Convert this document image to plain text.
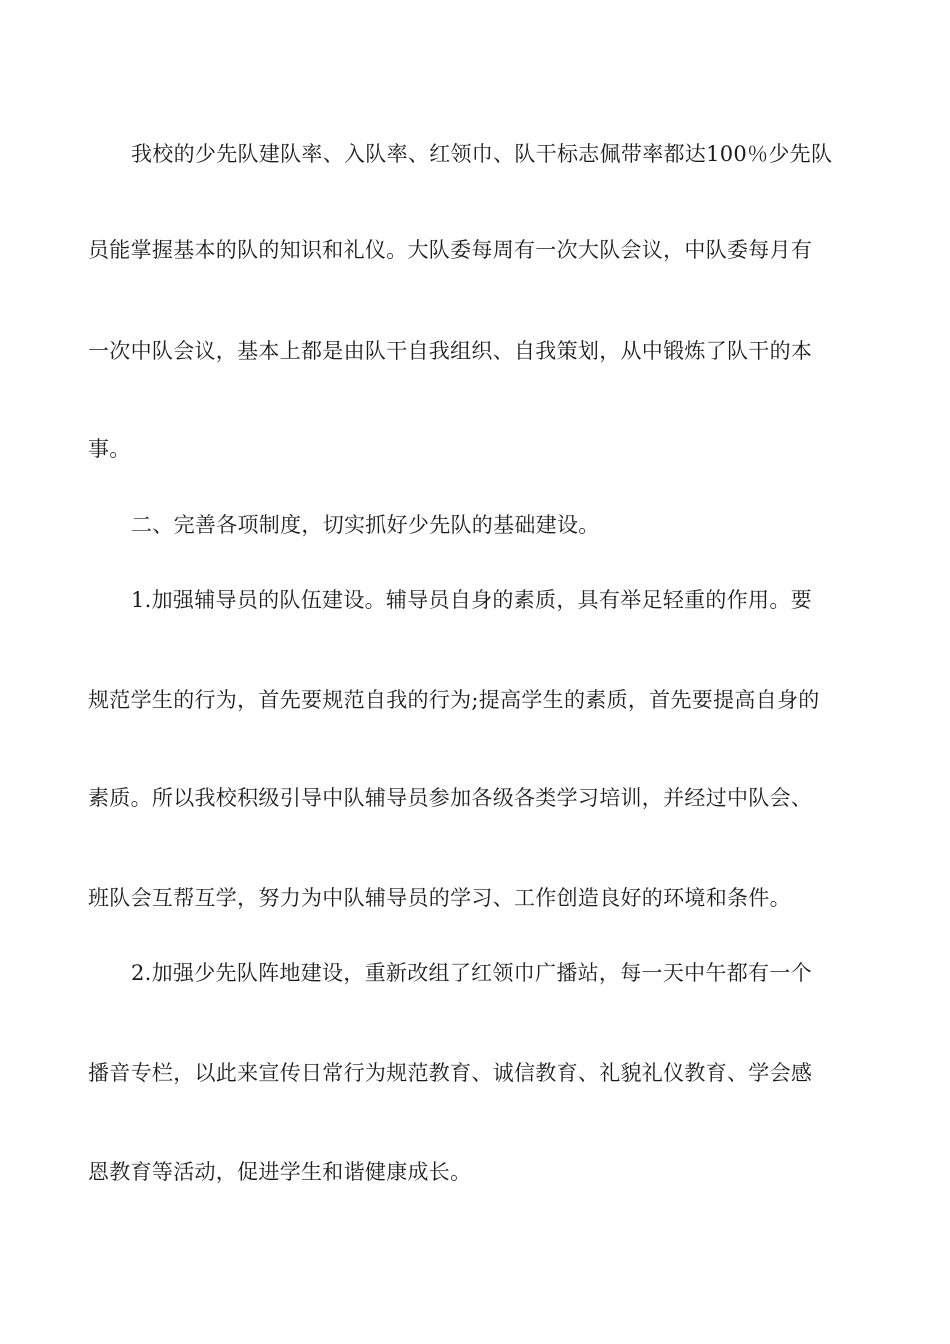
我校的少先队建队率、入队率、红领巾、队干标志佩带率都达100％少先队
员能掌握基本的队的知识和礼仪。大队委每周有一次大队会议，中队委每月有
一次中队会议，基本上都是由队干自我组织、自我策划，从中锻炼了队干的本
事。
二、完善各项制度，切实抓好少先队的基础建设。
1.加强辅导员的队伍建设。辅导员自身的素质，具有举足轻重的作用。要
规范学生的行为，首先要规范自我的行为;提高学生的素质，首先要提高自身的
素质。所以我校积级引导中队辅导员参加各级各类学习培训，并经过中队会、
班队会互帮互学，努力为中队辅导员的学习、工作创造良好的环境和条件。
2.加强少先队阵地建设，重新改组了红领巾广播站，每一天中午都有一个
播音专栏，以此来宣传日常行为规范教育、诚信教育、礼貌礼仪教育、学会感
恩教育等活动，促进学生和谐健康成长。
